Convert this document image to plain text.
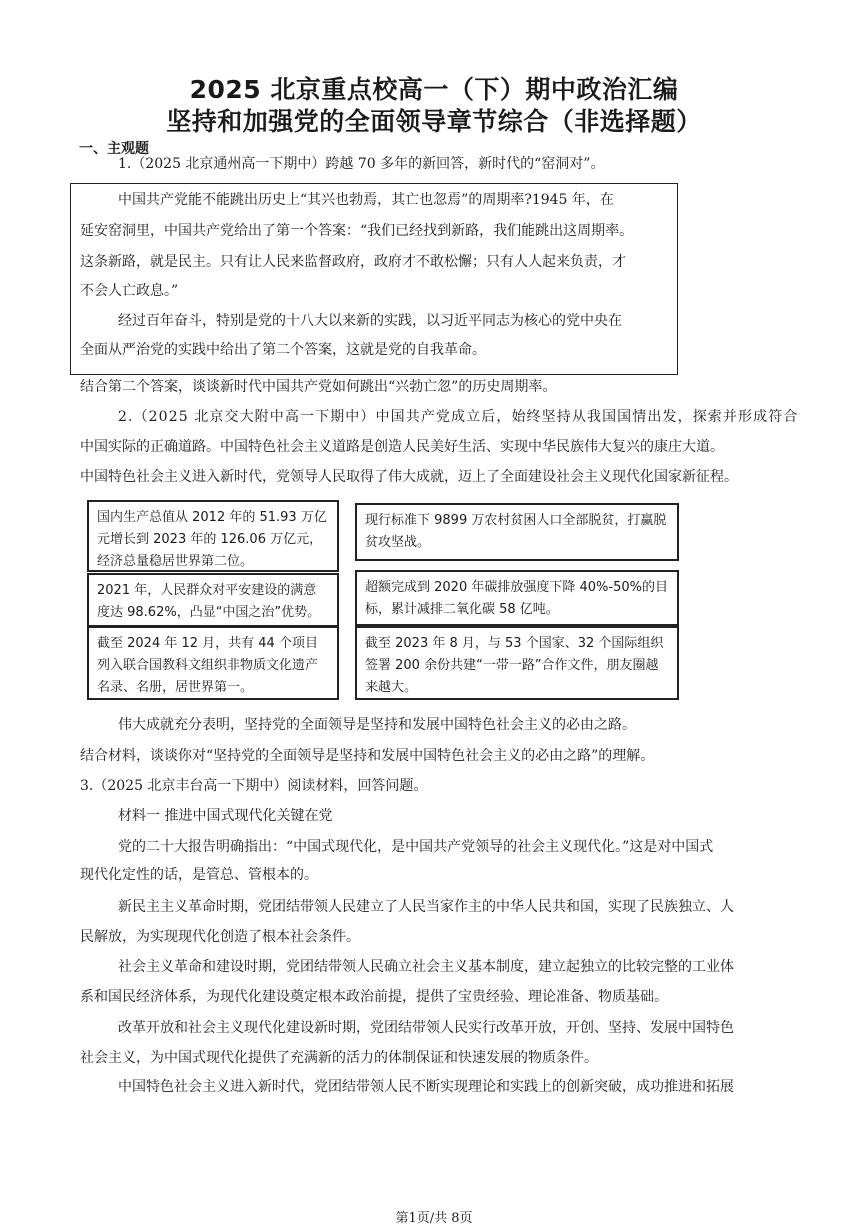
2025 北京重点校高一（下）期中政治汇编
坚持和加强党的全面领导章节综合（非选择题）
一、主观题
1.（2025 北京通州高一下期中）跨越 70 多年的新回答，新时代的“窑洞对”。
中国共产党能不能跳出历史上“其兴也勃焉，其亡也忽焉”的周期率?1945 年，在
延安窑洞里，中国共产党给出了第一个答案：“我们已经找到新路，我们能跳出这周期率。
这条新路，就是民主。只有让人民来监督政府，政府才不敢松懈；只有人人起来负责，才
不会人亡政息。”
经过百年奋斗，特别是党的十八大以来新的实践，以习近平同志为核心的党中央在
全面从严治党的实践中给出了第二个答案，这就是党的自我革命。
结合第二个答案，谈谈新时代中国共产党如何跳出“兴勃亡忽”的历史周期率。
2.（2025 北京交大附中高一下期中）中国共产党成立后，始终坚持从我国国情出发，探索并形成符合
中国实际的正确道路。中国特色社会主义道路是创造人民美好生活、实现中华民族伟大复兴的康庄大道。
中国特色社会主义进入新时代，党领导人民取得了伟大成就，迈上了全面建设社会主义现代化国家新征程。
国内生产总值从 2012 年的 51.93 万亿元增长到 2023 年的 126.06 万亿元，经济总量稳居世界第二位。
2021 年，人民群众对平安建设的满意度达 98.62%，凸显“中国之治”优势。
截至 2024 年 12 月，共有 44 个项目列入联合国教科文组织非物质文化遗产名录、名册，居世界第一。
现行标准下 9899 万农村贫困人口全部脱贫，打赢脱贫攻坚战。
超额完成到 2020 年碳排放强度下降 40%-50%的目标，累计减排二氧化碳 58 亿吨。
截至 2023 年 8 月，与 53 个国家、32 个国际组织签署 200 余份共建“一带一路”合作文件，朋友圈越来越大。
伟大成就充分表明，坚持党的全面领导是坚持和发展中国特色社会主义的必由之路。
结合材料，谈谈你对“坚持党的全面领导是坚持和发展中国特色社会主义的必由之路”的理解。
3.（2025 北京丰台高一下期中）阅读材料，回答问题。
材料一 推进中国式现代化关键在党
党的二十大报告明确指出：“中国式现代化，是中国共产党领导的社会主义现代化。”这是对中国式
现代化定性的话，是管总、管根本的。
新民主主义革命时期，党团结带领人民建立了人民当家作主的中华人民共和国，实现了民族独立、人
民解放，为实现现代化创造了根本社会条件。
社会主义革命和建设时期，党团结带领人民确立社会主义基本制度，建立起独立的比较完整的工业体
系和国民经济体系，为现代化建设奠定根本政治前提，提供了宝贵经验、理论准备、物质基础。
改革开放和社会主义现代化建设新时期，党团结带领人民实行改革开放，开创、坚持、发展中国特色
社会主义，为中国式现代化提供了充满新的活力的体制保证和快速发展的物质条件。
中国特色社会主义进入新时代，党团结带领人民不断实现理论和实践上的创新突破，成功推进和拓展
第1页/共 8页
